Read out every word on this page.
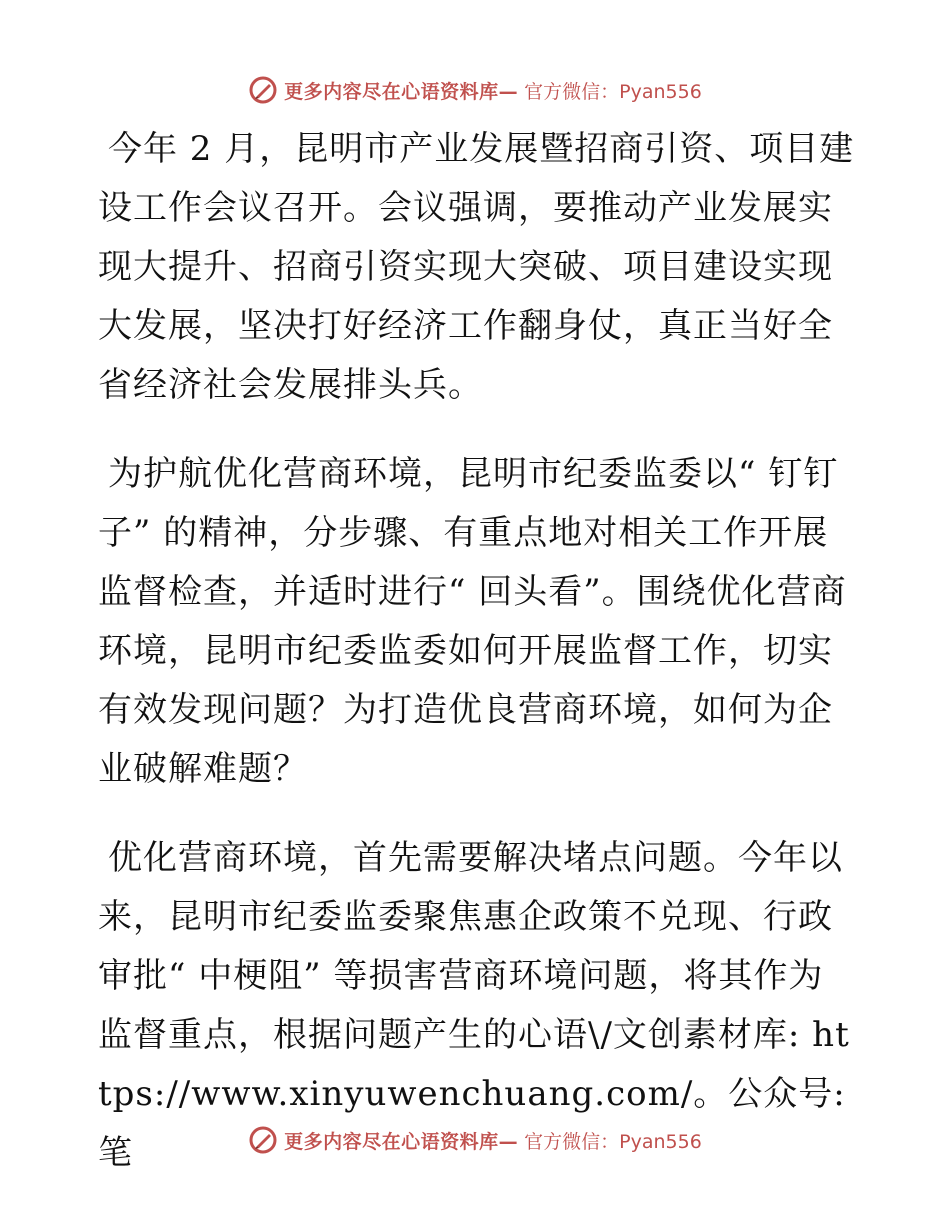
更多内容尽在心语资料库— 官方微信：Pyan556

今年 2 月，昆明市产业发展暨招商引资、项目建设工作会议召开。会议强调，要推动产业发展实现大提升、招商引资实现大突破、项目建设实现大发展，坚决打好经济工作翻身仗，真正当好全省经济社会发展排头兵。

为护航优化营商环境，昆明市纪委监委以“ 钉钉子” 的精神，分步骤、有重点地对相关工作开展监督检查，并适时进行“ 回头看”。围绕优化营商环境，昆明市纪委监委如何开展监督工作，切实有效发现问题？为打造优良营商环境，如何为企业破解难题？

优化营商环境，首先需要解决堵点问题。今年以来，昆明市纪委监委聚焦惠企政策不兑现、行政审批“ 中梗阻” 等损害营商环境问题，将其作为监督重点，根据问题产生的心语\/文创素材库: https://www.xinyuwenchuang.com/。公众号: 笔	更多内容尽在心语资料库— 官方微信：Pyan556
